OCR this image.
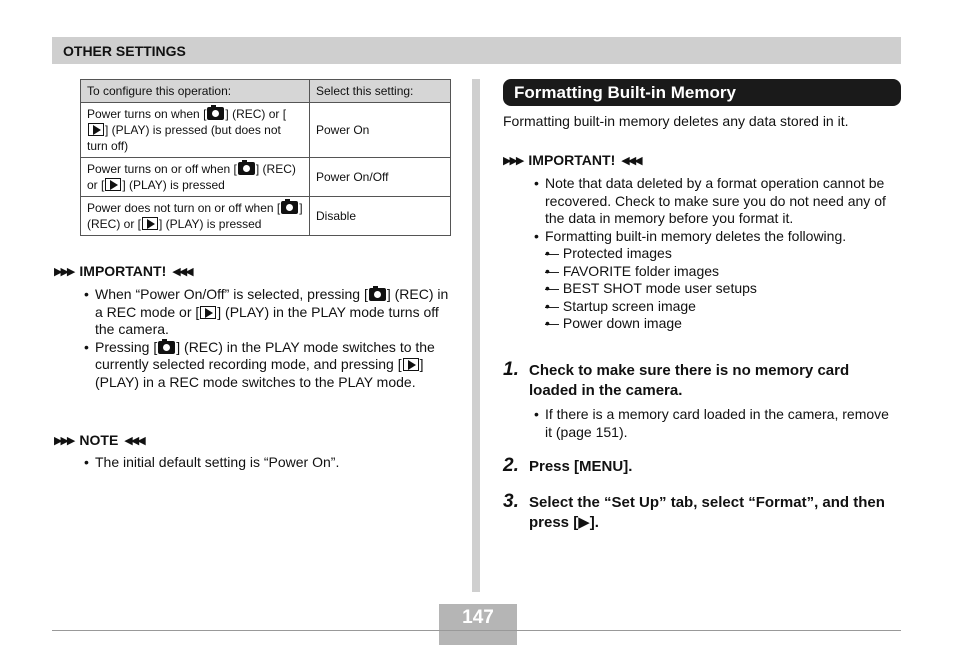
OTHER SETTINGS
To configure this operation:	Select this setting:
Power turns on when [ ] (REC) or [] (PLAY) is pressed (but does not turn off)	Power On
Power turns on or off when [ ] (REC) or [ ] (PLAY) is pressed	Power On/Off
Power does not turn on or off when [ ] (REC) or [ ] (PLAY) is pressed	Disable
▶▶▶ IMPORTANT! ◀◀◀
• When “Power On/Off” is selected, pressing [ ] (REC) in a REC mode or [ ] (PLAY) in the PLAY mode turns off the camera.
• Pressing [ ] (REC) in the PLAY mode switches to the currently selected recording mode, and pressing [ ] (PLAY) in a REC mode switches to the PLAY mode.
▶▶▶ NOTE ◀◀◀
• The initial default setting is “Power On”.
Formatting Built-in Memory
Formatting built-in memory deletes any data stored in it.
▶▶▶ IMPORTANT! ◀◀◀
• Note that data deleted by a format operation cannot be recovered. Check to make sure you do not need any of the data in memory before you format it.
• Formatting built-in memory deletes the following.
• — Protected images
• — FAVORITE folder images
• — BEST SHOT mode user setups
• — Startup screen image
• — Power down image
1. Check to make sure there is no memory card loaded in the camera.
• If there is a memory card loaded in the camera, remove it (page 151).
2. Press [MENU].
3. Select the “Set Up” tab, select “Format”, and then press [▶].
147
